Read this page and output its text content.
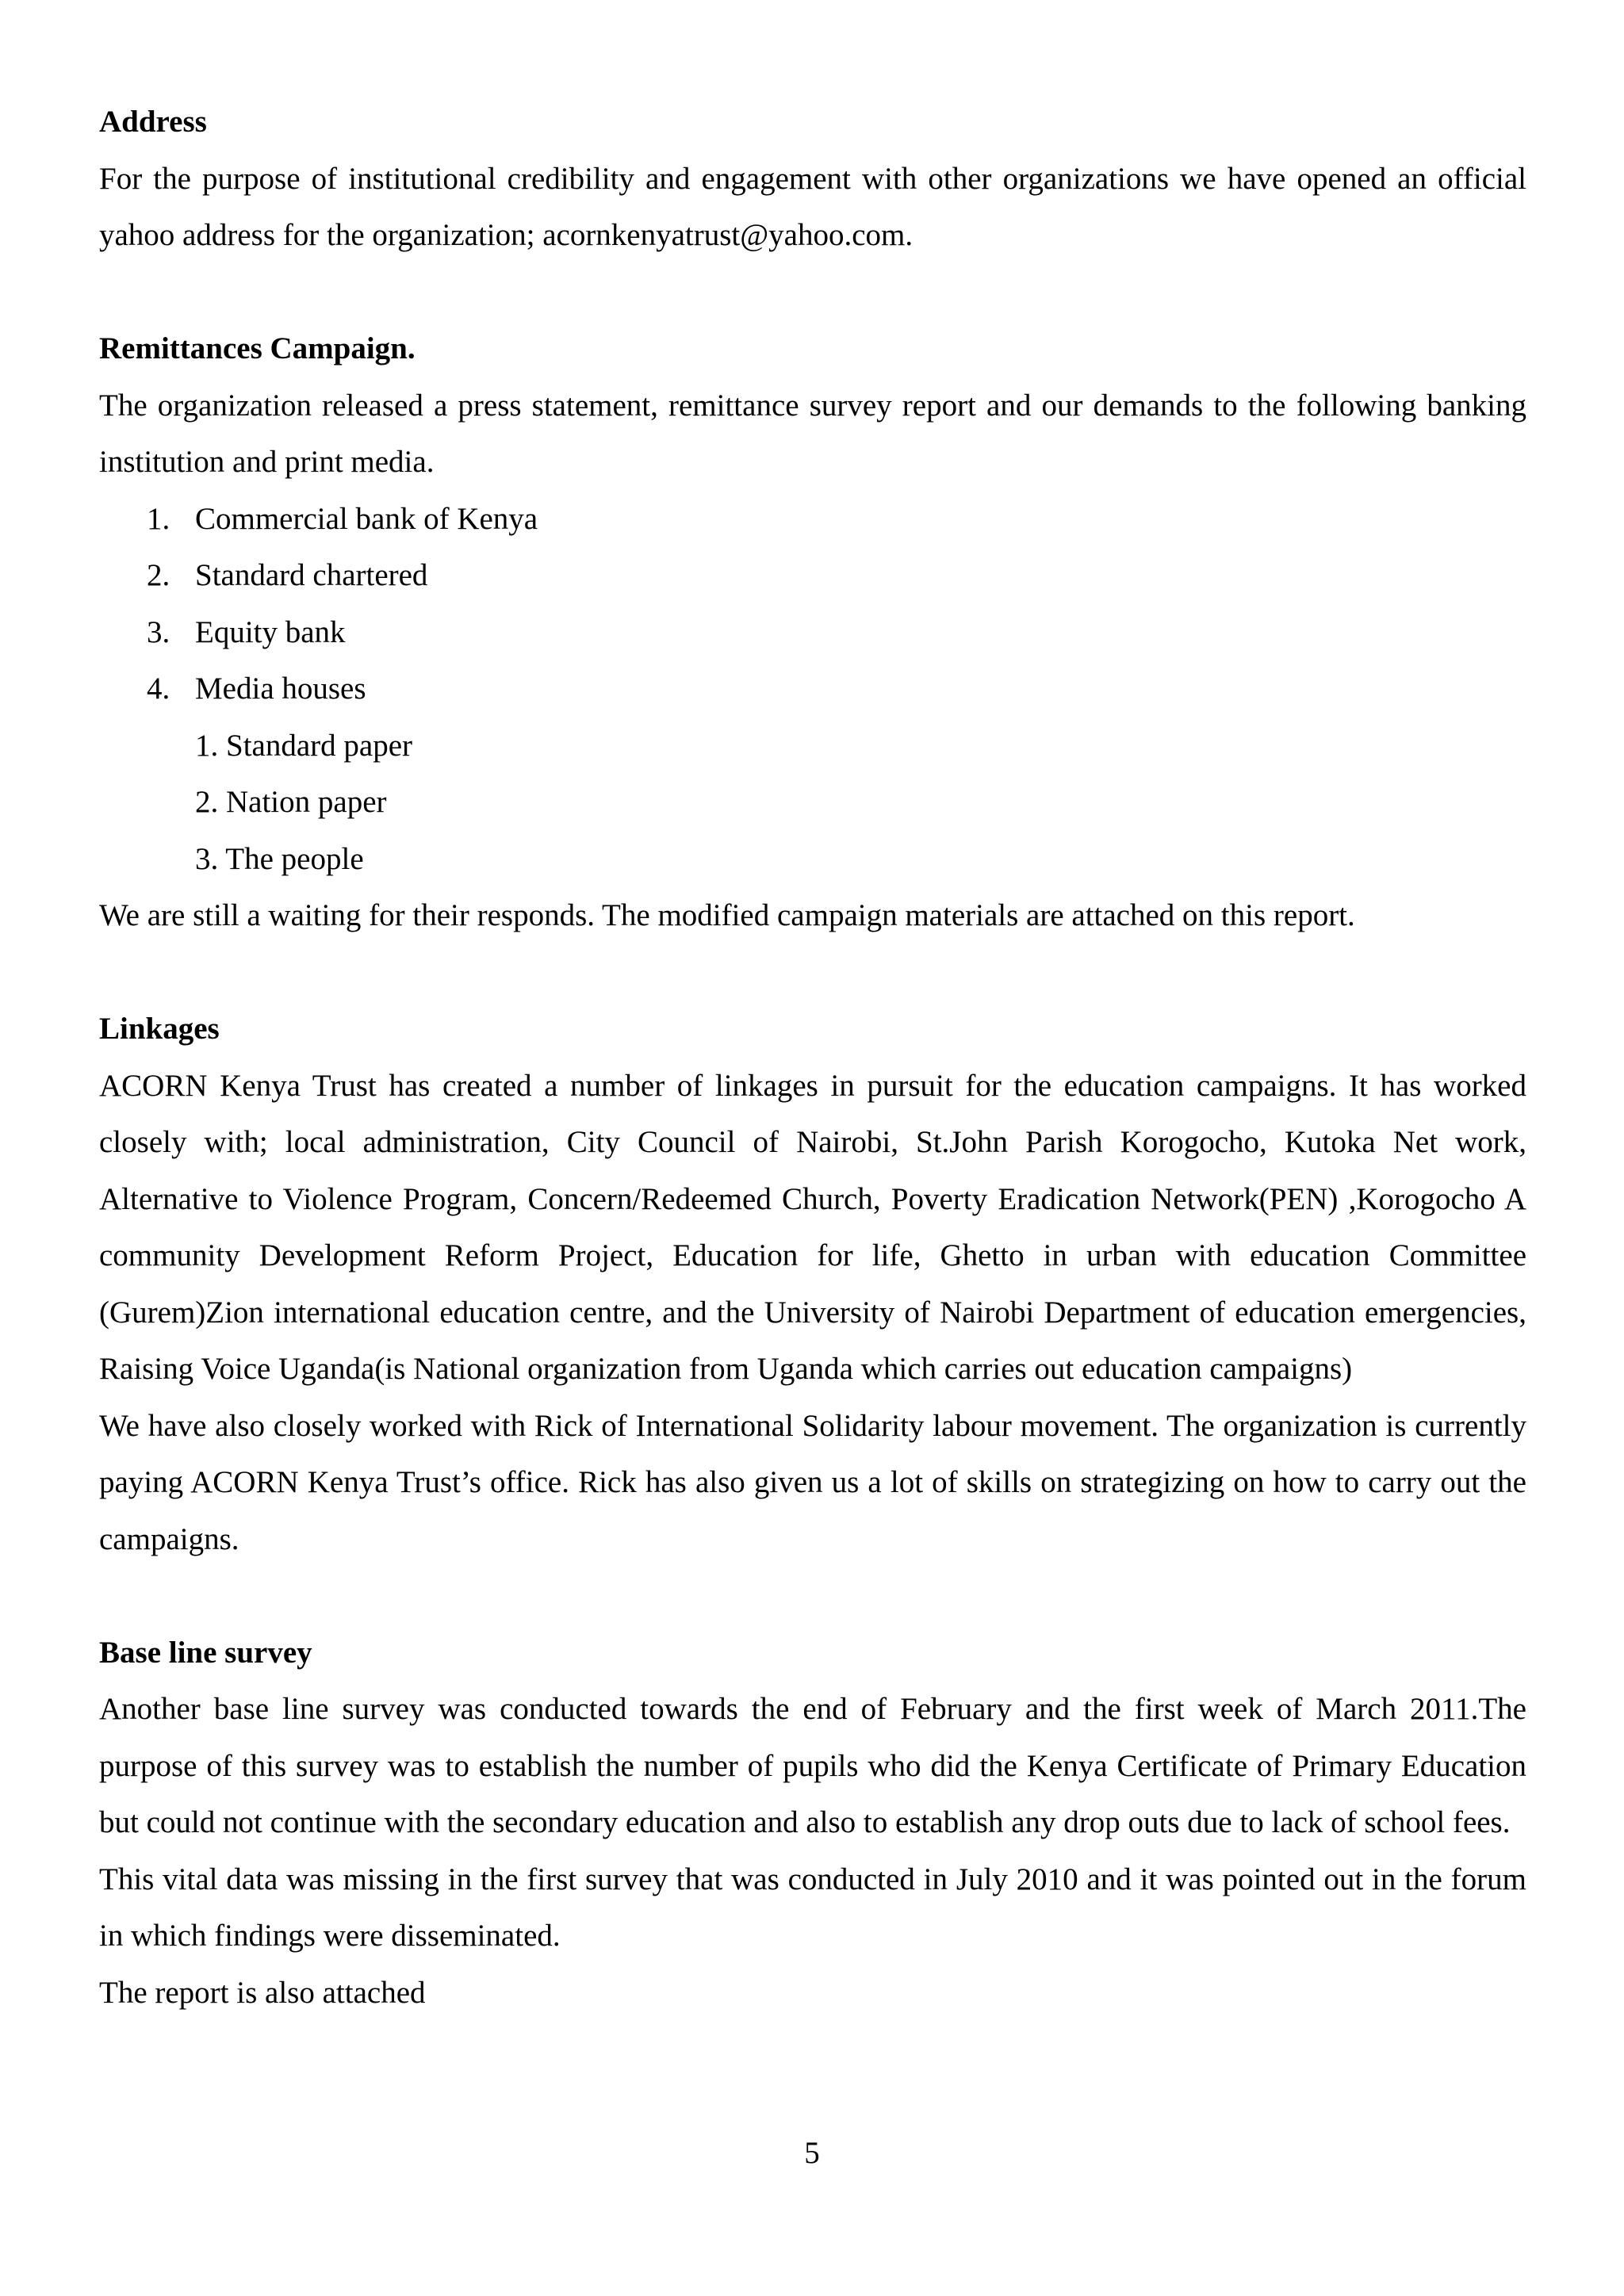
Address

For the purpose of institutional credibility and engagement with other organizations we have opened an official yahoo address for the organization; acornkenyatrust@yahoo.com.

Remittances Campaign.

The organization released a press statement, remittance survey report and our demands to the following banking institution and print media.

1. Commercial bank of Kenya
2. Standard chartered
3. Equity bank
4. Media houses
1. Standard paper
2. Nation paper
3. The people

We are still a waiting for their responds. The modified campaign materials are attached on this report.

Linkages

ACORN Kenya Trust has created a number of linkages in pursuit for the education campaigns. It has worked closely with; local administration, City Council of Nairobi, St.John Parish Korogocho, Kutoka Net work, Alternative to Violence Program, Concern/Redeemed Church, Poverty Eradication Network(PEN) ,Korogocho A community Development Reform Project, Education for life, Ghetto in urban with education Committee (Gurem)Zion international education centre, and the University of Nairobi Department of education emergencies, Raising Voice Uganda(is National organization from Uganda which carries out education campaigns)

We have also closely worked with Rick of International Solidarity labour movement. The organization is currently paying ACORN Kenya Trust’s office. Rick has also given us a lot of skills on strategizing on how to carry out the campaigns.

Base line survey

Another base line survey was conducted towards the end of February and the first week of March 2011.The purpose of this survey was to establish the number of pupils who did the Kenya Certificate of Primary Education but could not continue with the secondary education and also to establish any drop outs due to lack of school fees.

This vital data was missing in the first survey that was conducted in July 2010 and it was pointed out in the forum in which findings were disseminated.

The report is also attached

5
